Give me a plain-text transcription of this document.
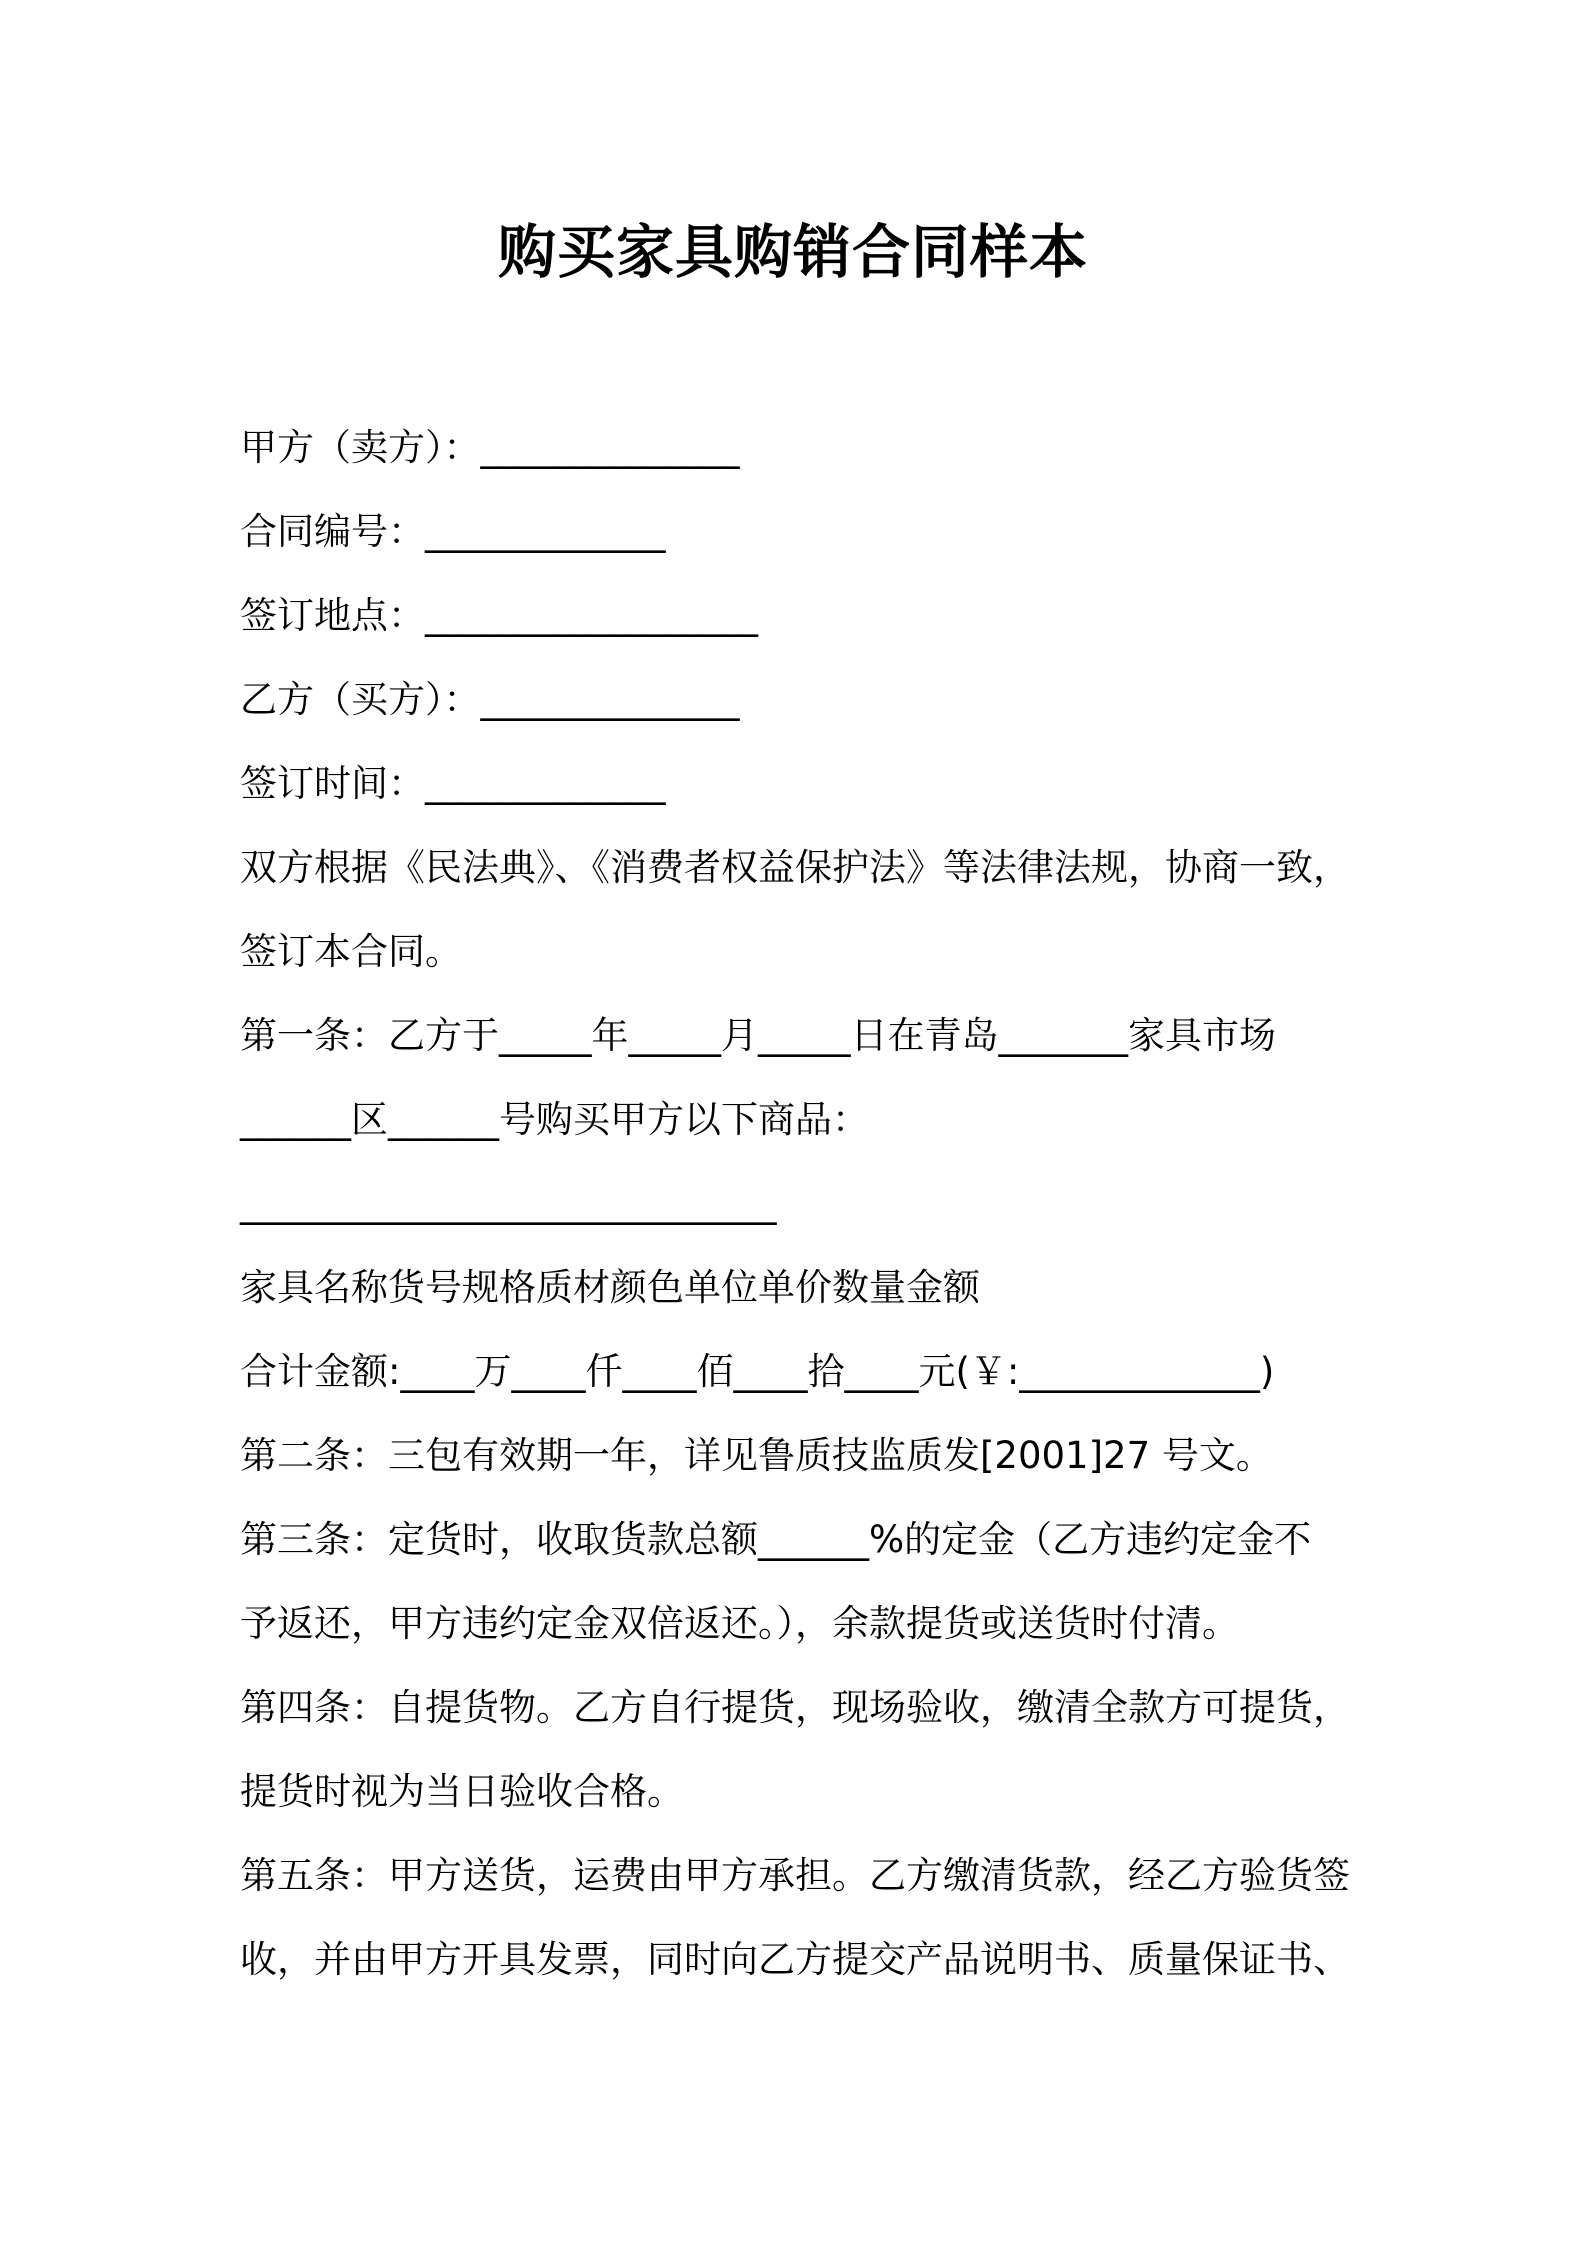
购买家具购销合同样本
甲方（卖方）：______________
合同编号：_____________
签订地点：__________________
乙方（买方）：______________
签订时间：_____________
双方根据《民法典》、《消费者权益保护法》等法律法规，协商一致，
签订本合同。
第一条：乙方于_____年_____月_____日在青岛_______家具市场
______区______号购买甲方以下商品：
_____________________________
家具名称货号规格质材颜色单位单价数量金额
合计金额:____万____仟____佰____拾____元(￥:_____________)
第二条：三包有效期一年，详见鲁质技监质发[2001]27 号文。
第三条：定货时，收取货款总额______%的定金（乙方违约定金不
予返还，甲方违约定金双倍返还。），余款提货或送货时付清。
第四条：自提货物。乙方自行提货，现场验收，缴清全款方可提货，
提货时视为当日验收合格。
第五条：甲方送货，运费由甲方承担。乙方缴清货款，经乙方验货签
收，并由甲方开具发票，同时向乙方提交产品说明书、质量保证书、
